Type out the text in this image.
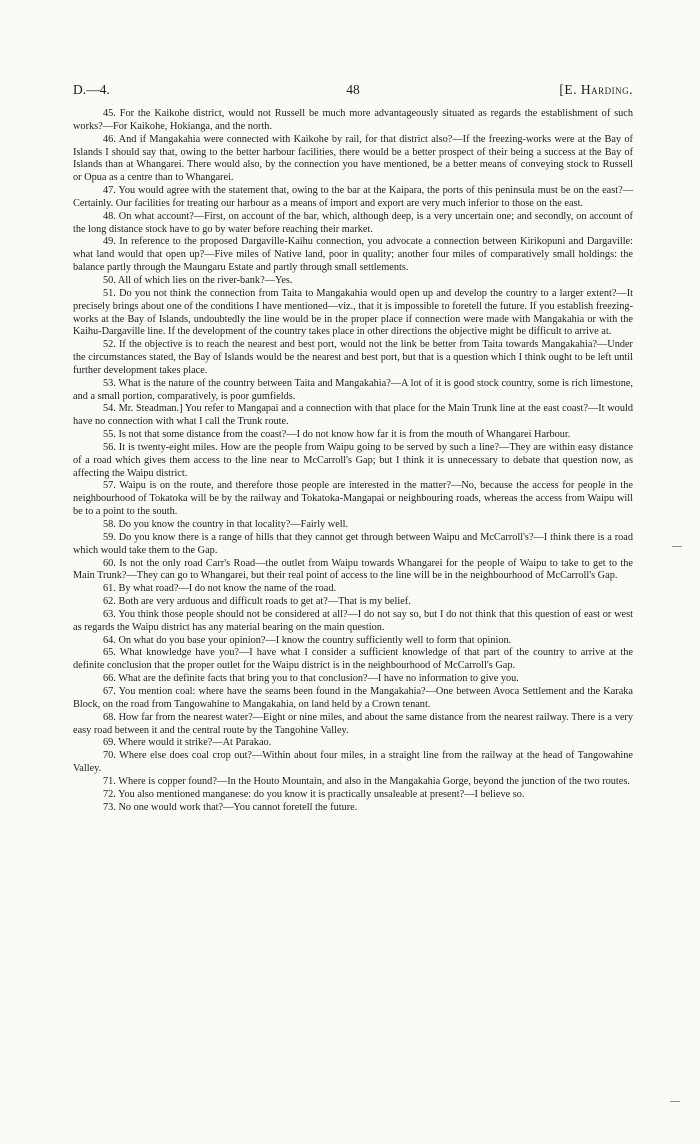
D.—4.	48	[E. Harding.

45. For the Kaikohe district, would not Russell be much more advantageously situated as regards the establishment of such works?—For Kaikohe, Hokianga, and the north.

46. And if Mangakahia were connected with Kaikohe by rail, for that district also?—If the freezing-works were at the Bay of Islands I should say that, owing to the better harbour facilities, there would be a better prospect of their being a success at the Bay of Islands than at Whangarei. There would also, by the connection you have mentioned, be a better means of conveying stock to Russell or Opua as a centre than to Whangarei.

47. You would agree with the statement that, owing to the bar at the Kaipara, the ports of this peninsula must be on the east?—Certainly. Our facilities for treating our harbour as a means of import and export are very much inferior to those on the east.

48. On what account?—First, on account of the bar, which, although deep, is a very uncertain one; and secondly, on account of the long distance stock have to go by water before reaching their market.

49. In reference to the proposed Dargaville-Kaihu connection, you advocate a connection between Kirikopuni and Dargaville: what land would that open up?—Five miles of Native land, poor in quality; another four miles of comparatively small holdings: the balance partly through the Maungaru Estate and partly through small settlements.

50. All of which lies on the river-bank?—Yes.

51. Do you not think the connection from Taita to Mangakahia would open up and develop the country to a larger extent?—It precisely brings about one of the conditions I have mentioned—viz., that it is impossible to foretell the future. If you establish freezing-works at the Bay of Islands, undoubtedly the line would be in the proper place if connection were made with Mangakahia or with the Kaihu-Dargaville line. If the development of the country takes place in other directions the objective might be difficult to arrive at.

52. If the objective is to reach the nearest and best port, would not the link be better from Taita towards Mangakahia?—Under the circumstances stated, the Bay of Islands would be the nearest and best port, but that is a question which I think ought to be left until further development takes place.

53. What is the nature of the country between Taita and Mangakahia?—A lot of it is good stock country, some is rich limestone, and a small portion, comparatively, is poor gumfields.

54. Mr. Steadman.] You refer to Mangapai and a connection with that place for the Main Trunk line at the east coast?—It would have no connection with what I call the Trunk route.

55. Is not that some distance from the coast?—I do not know how far it is from the mouth of Whangarei Harbour.

56. It is twenty-eight miles. How are the people from Waipu going to be served by such a line?—They are within easy distance of a road which gives them access to the line near to McCarroll's Gap; but I think it is unnecessary to debate that question now, as affecting the Waipu district.

57. Waipu is on the route, and therefore those people are interested in the matter?—No, because the access for people in the neighbourhood of Tokatoka will be by the railway and Tokatoka-Mangapai or neighbouring roads, whereas the access from Waipu will be to a point to the south.

58. Do you know the country in that locality?—Fairly well.

59. Do you know there is a range of hills that they cannot get through between Waipu and McCarroll's?—I think there is a road which would take them to the Gap.

60. Is not the only road Carr's Road—the outlet from Waipu towards Whangarei for the people of Waipu to take to get to the Main Trunk?—They can go to Whangarei, but their real point of access to the line will be in the neighbourhood of McCarroll's Gap.

61. By what road?—I do not know the name of the road.

62. Both are very arduous and difficult roads to get at?—That is my belief.

63. You think those people should not be considered at all?—I do not say so, but I do not think that this question of east or west as regards the Waipu district has any material bearing on the main question.

64. On what do you base your opinion?—I know the country sufficiently well to form that opinion.

65. What knowledge have you?—I have what I consider a sufficient knowledge of that part of the country to arrive at the definite conclusion that the proper outlet for the Waipu district is in the neighbourhood of McCarroll's Gap.

66. What are the definite facts that bring you to that conclusion?—I have no information to give you.

67. You mention coal: where have the seams been found in the Mangakahia?—One between Avoca Settlement and the Karaka Block, on the road from Tangowahine to Mangakahia, on land held by a Crown tenant.

68. How far from the nearest water?—Eight or nine miles, and about the same distance from the nearest railway. There is a very easy road between it and the central route by the Tangohine Valley.

69. Where would it strike?—At Parakao.

70. Where else does coal crop out?—Within about four miles, in a straight line from the railway at the head of Tangowahine Valley.

71. Where is copper found?—In the Houto Mountain, and also in the Mangakahia Gorge, beyond the junction of the two routes.

72. You also mentioned manganese: do you know it is practically unsaleable at present?—I believe so.

73. No one would work that?—You cannot foretell the future.

—
—
